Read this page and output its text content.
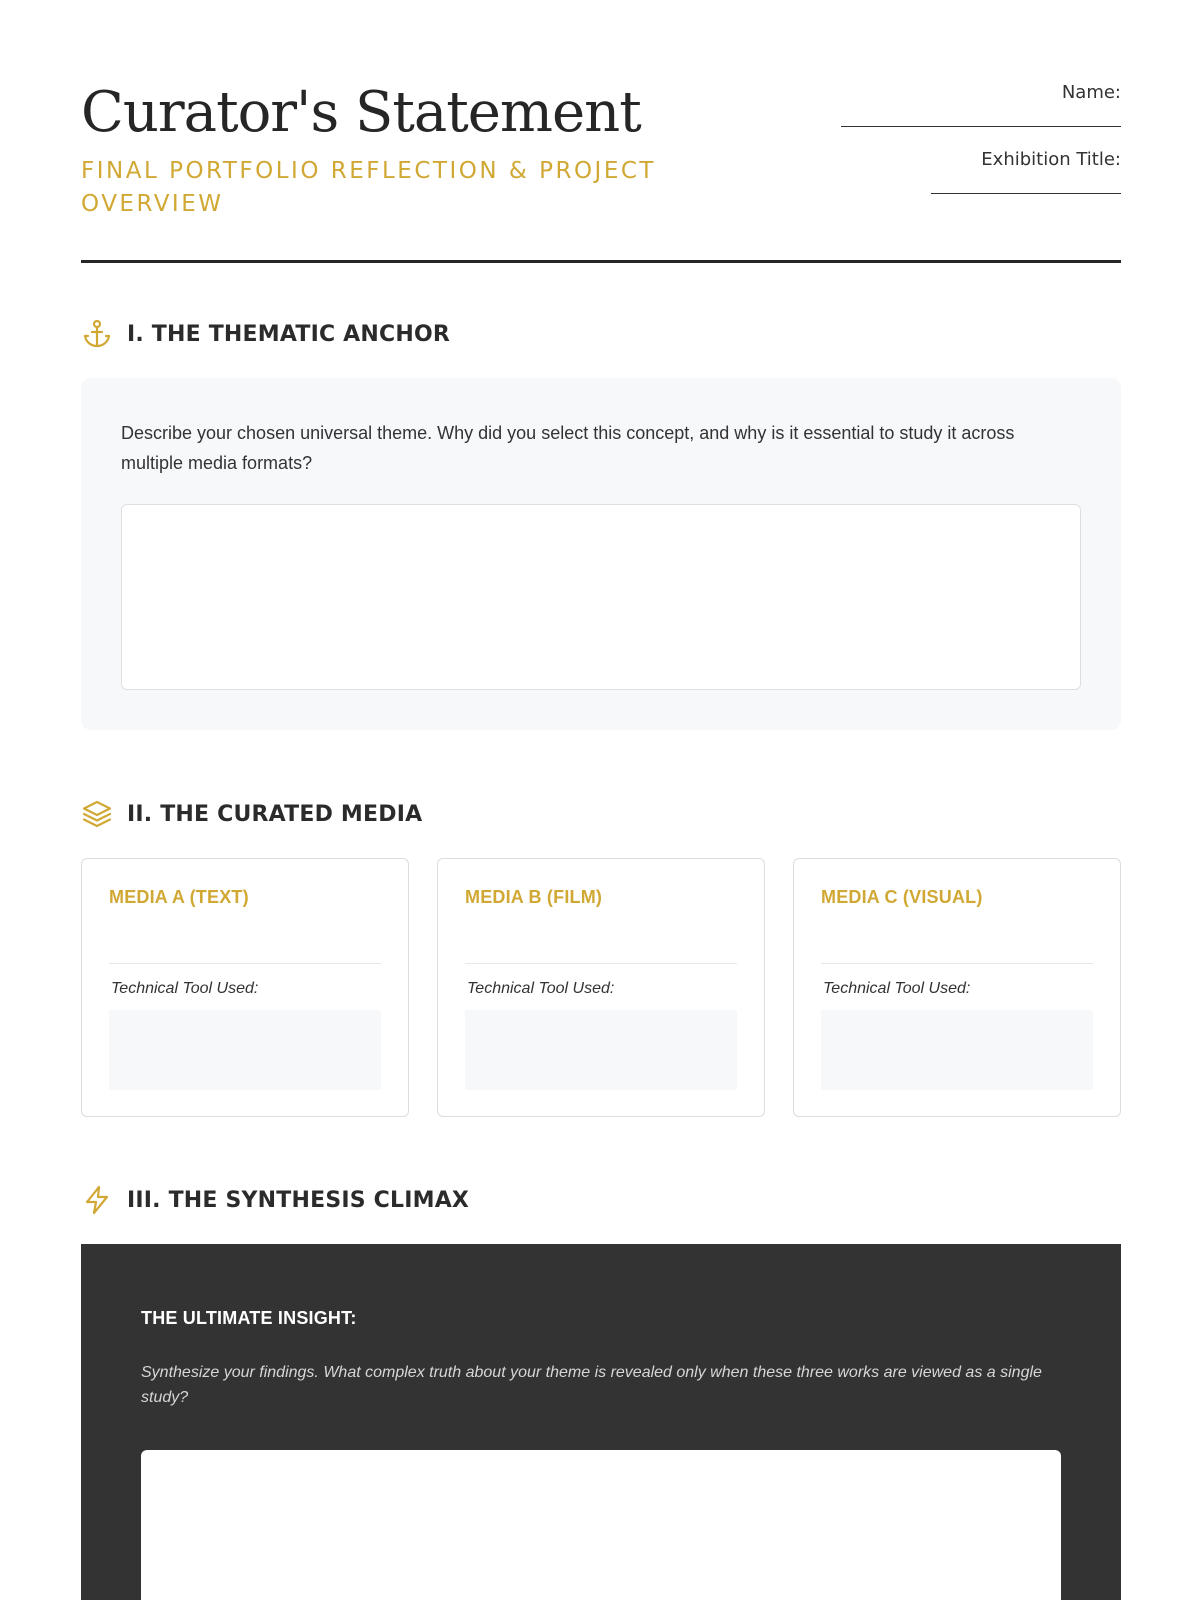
Curator's Statement
FINAL PORTFOLIO REFLECTION & PROJECT OVERVIEW
Name:
Exhibition Title:
I. THE THEMATIC ANCHOR
Describe your chosen universal theme. Why did you select this concept, and why is it essential to study it across multiple media formats?
II. THE CURATED MEDIA
MEDIA A (TEXT)
Technical Tool Used:
MEDIA B (FILM)
Technical Tool Used:
MEDIA C (VISUAL)
Technical Tool Used:
III. THE SYNTHESIS CLIMAX
THE ULTIMATE INSIGHT:
Synthesize your findings. What complex truth about your theme is revealed only when these three works are viewed as a single study?
